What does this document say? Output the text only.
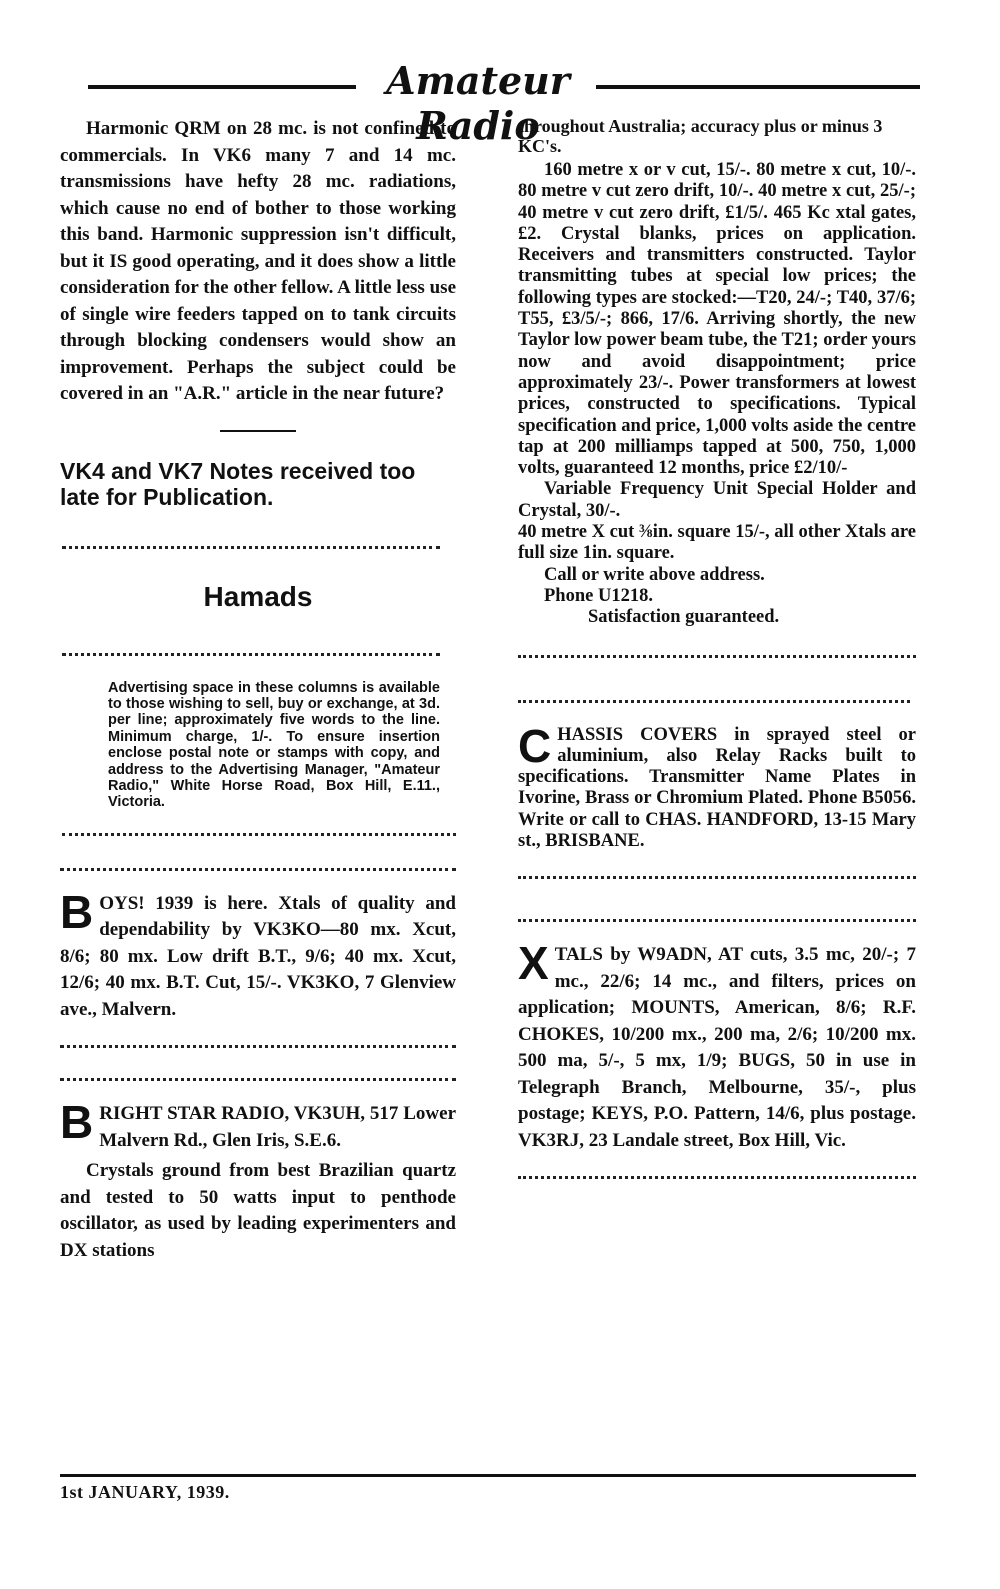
Amateur Radio

Harmonic QRM on 28 mc. is not confined to commercials. In VK6 many 7 and 14 mc. transmissions have hefty 28 mc. radiations, which cause no end of bother to those working this band. Harmonic suppression isn't difficult, but it IS good operating, and it does show a little consideration for the other fellow. A little less use of single wire feeders tapped on to tank circuits through blocking condensers would show an improvement. Perhaps the subject could be covered in an "A.R." article in the near future?

VK4 and VK7 Notes received too late for Publication.

Hamads

Advertising space in these columns is available to those wishing to sell, buy or exchange, at 3d. per line; approximately five words to the line. Minimum charge, 1/-. To ensure insertion enclose postal note or stamps with copy, and address to the Advertising Manager, "Amateur Radio," White Horse Road, Box Hill, E.11., Victoria.

BOYS! 1939 is here. Xtals of quality and dependability by VK3KO—80 mx. Xcut, 8/6; 80 mx. Low drift B.T., 9/6; 40 mx. Xcut, 12/6; 40 mx. B.T. Cut, 15/-. VK3KO, 7 Glenview ave., Malvern.

BRIGHT STAR RADIO, VK3UH, 517 Lower Malvern Rd., Glen Iris, S.E.6.

Crystals ground from best Brazilian quartz and tested to 50 watts input to penthode oscillator, as used by leading experimenters and DX stations

throughout Australia; accuracy plus or minus 3 KC's.

160 metre x or v cut, 15/-. 80 metre x cut, 10/-. 80 metre v cut zero drift, 10/-. 40 metre x cut, 25/-; 40 metre v cut zero drift, £1/5/. 465 Kc xtal gates, £2. Crystal blanks, prices on application. Receivers and transmitters constructed. Taylor transmitting tubes at special low prices; the following types are stocked:—T20, 24/-; T40, 37/6; T55, £3/5/-; 866, 17/6. Arriving shortly, the new Taylor low power beam tube, the T21; order yours now and avoid disappointment; price approximately 23/-. Power transformers at lowest prices, constructed to specifications. Typical specification and price, 1,000 volts aside the centre tap at 200 milliamps tapped at 500, 750, 1,000 volts, guaranteed 12 months, price £2/10/-

Variable Frequency Unit Special Holder and Crystal, 30/-.

40 metre X cut ⅜in. square 15/-, all other Xtals are full size 1in. square.

Call or write above address.

Phone U1218.

Satisfaction guaranteed.

CHASSIS COVERS in sprayed steel or aluminium, also Relay Racks built to specifications. Transmitter Name Plates in Ivorine, Brass or Chromium Plated. Phone B5056. Write or call to CHAS. HANDFORD, 13-15 Mary st., BRISBANE.

XTALS by W9ADN, AT cuts, 3.5 mc, 20/-; 7 mc., 22/6; 14 mc., and filters, prices on application; MOUNTS, American, 8/6; R.F. CHOKES, 10/200 mx., 200 ma, 2/6; 10/200 mx. 500 ma, 5/-, 5 mx, 1/9; BUGS, 50 in use in Telegraph Branch, Melbourne, 35/-, plus postage; KEYS, P.O. Pattern, 14/6, plus postage. VK3RJ, 23 Landale street, Box Hill, Vic.

1st JANUARY, 1939.
